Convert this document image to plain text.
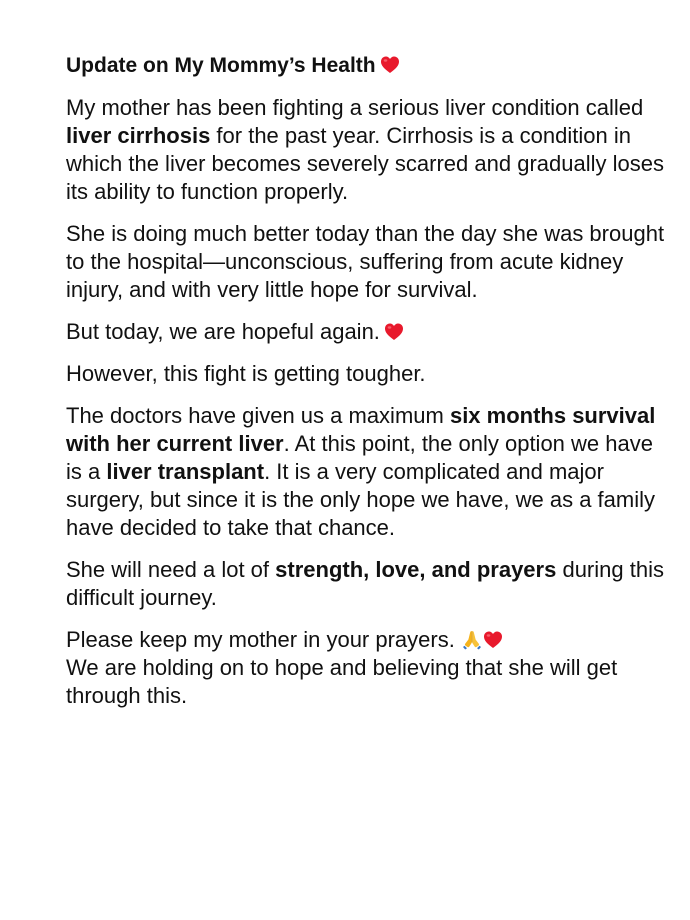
Update on My Mommy’s Health

My mother has been fighting a serious liver condition called liver cirrhosis for the past year. Cirrhosis is a condition in which the liver becomes severely scarred and gradually loses its ability to function properly.

She is doing much better today than the day she was brought to the hospital—unconscious, suffering from acute kidney injury, and with very little hope for survival.

But today, we are hopeful again.

However, this fight is getting tougher.

The doctors have given us a maximum six months survival with her current liver. At this point, the only option we have is a liver transplant. It is a very complicated and major surgery, but since it is the only hope we have, we as a family have decided to take that chance.

She will need a lot of strength, love, and prayers during this difficult journey.

Please keep my mother in your prayers.

We are holding on to hope and believing that she will get through this.
